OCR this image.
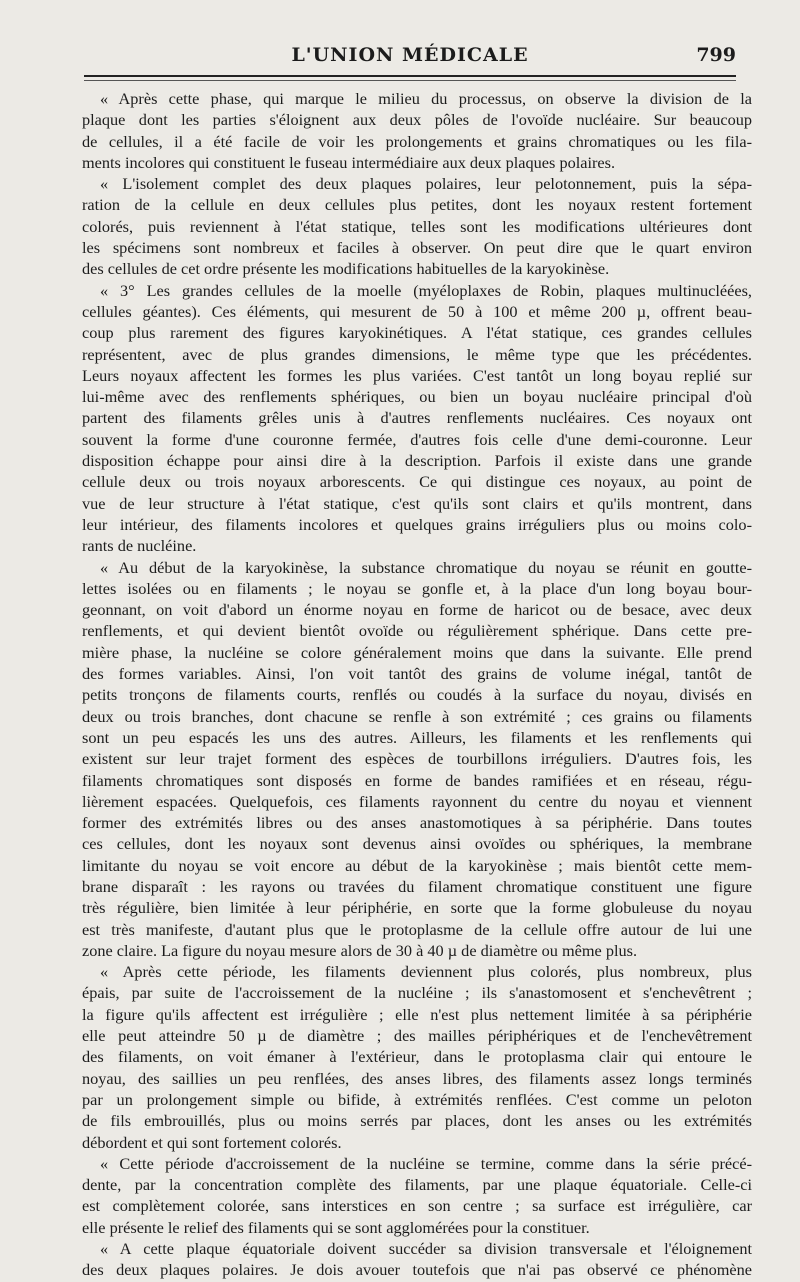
L'UNION MÉDICALE	799
« Après cette phase, qui marque le milieu du processus, on observe la division de la
plaque dont les parties s'éloignent aux deux pôles de l'ovoïde nucléaire. Sur beaucoup
de cellules, il a été facile de voir les prolongements et grains chromatiques ou les fila-
ments incolores qui constituent le fuseau intermédiaire aux deux plaques polaires.
« L'isolement complet des deux plaques polaires, leur pelotonnement, puis la sépa-
ration de la cellule en deux cellules plus petites, dont les noyaux restent fortement
colorés, puis reviennent à l'état statique, telles sont les modifications ultérieures dont
les spécimens sont nombreux et faciles à observer. On peut dire que le quart environ
des cellules de cet ordre présente les modifications habituelles de la karyokinèse.
« 3° Les grandes cellules de la moelle (myéloplaxes de Robin, plaques multinucléées,
cellules géantes). Ces éléments, qui mesurent de 50 à 100 et même 200 µ, offrent beau-
coup plus rarement des figures karyokinétiques. A l'état statique, ces grandes cellules
représentent, avec de plus grandes dimensions, le même type que les précédentes.
Leurs noyaux affectent les formes les plus variées. C'est tantôt un long boyau replié sur
lui-même avec des renflements sphériques, ou bien un boyau nucléaire principal d'où
partent des filaments grêles unis à d'autres renflements nucléaires. Ces noyaux ont
souvent la forme d'une couronne fermée, d'autres fois celle d'une demi-couronne. Leur
disposition échappe pour ainsi dire à la description. Parfois il existe dans une grande
cellule deux ou trois noyaux arborescents. Ce qui distingue ces noyaux, au point de
vue de leur structure à l'état statique, c'est qu'ils sont clairs et qu'ils montrent, dans
leur intérieur, des filaments incolores et quelques grains irréguliers plus ou moins colo-
rants de nucléine.
« Au début de la karyokinèse, la substance chromatique du noyau se réunit en goutte-
lettes isolées ou en filaments ; le noyau se gonfle et, à la place d'un long boyau bour-
geonnant, on voit d'abord un énorme noyau en forme de haricot ou de besace, avec deux
renflements, et qui devient bientôt ovoïde ou régulièrement sphérique. Dans cette pre-
mière phase, la nucléine se colore généralement moins que dans la suivante. Elle prend
des formes variables. Ainsi, l'on voit tantôt des grains de volume inégal, tantôt de
petits tronçons de filaments courts, renflés ou coudés à la surface du noyau, divisés en
deux ou trois branches, dont chacune se renfle à son extrémité ; ces grains ou filaments
sont un peu espacés les uns des autres. Ailleurs, les filaments et les renflements qui
existent sur leur trajet forment des espèces de tourbillons irréguliers. D'autres fois, les
filaments chromatiques sont disposés en forme de bandes ramifiées et en réseau, régu-
lièrement espacées. Quelquefois, ces filaments rayonnent du centre du noyau et viennent
former des extrémités libres ou des anses anastomotiques à sa périphérie. Dans toutes
ces cellules, dont les noyaux sont devenus ainsi ovoïdes ou sphériques, la membrane
limitante du noyau se voit encore au début de la karyokinèse ; mais bientôt cette mem-
brane disparaît : les rayons ou travées du filament chromatique constituent une figure
très régulière, bien limitée à leur périphérie, en sorte que la forme globuleuse du noyau
est très manifeste, d'autant plus que le protoplasme de la cellule offre autour de lui une
zone claire. La figure du noyau mesure alors de 30 à 40 µ de diamètre ou même plus.
« Après cette période, les filaments deviennent plus colorés, plus nombreux, plus
épais, par suite de l'accroissement de la nucléine ; ils s'anastomosent et s'enchevêtrent ;
la figure qu'ils affectent est irrégulière ; elle n'est plus nettement limitée à sa périphérie
elle peut atteindre 50 µ de diamètre ; des mailles périphériques et de l'enchevêtrement
des filaments, on voit émaner à l'extérieur, dans le protoplasma clair qui entoure le
noyau, des saillies un peu renflées, des anses libres, des filaments assez longs terminés
par un prolongement simple ou bifide, à extrémités renflées. C'est comme un peloton
de fils embrouillés, plus ou moins serrés par places, dont les anses ou les extrémités
débordent et qui sont fortement colorés.
« Cette période d'accroissement de la nucléine se termine, comme dans la série précé-
dente, par la concentration complète des filaments, par une plaque équatoriale. Celle-ci
est complètement colorée, sans interstices en son centre ; sa surface est irrégulière, car
elle présente le relief des filaments qui se sont agglomérées pour la constituer.
« A cette plaque équatoriale doivent succéder sa division transversale et l'éloignement
des deux plaques polaires. Je dois avouer toutefois que n'ai pas observé ce phénomène
